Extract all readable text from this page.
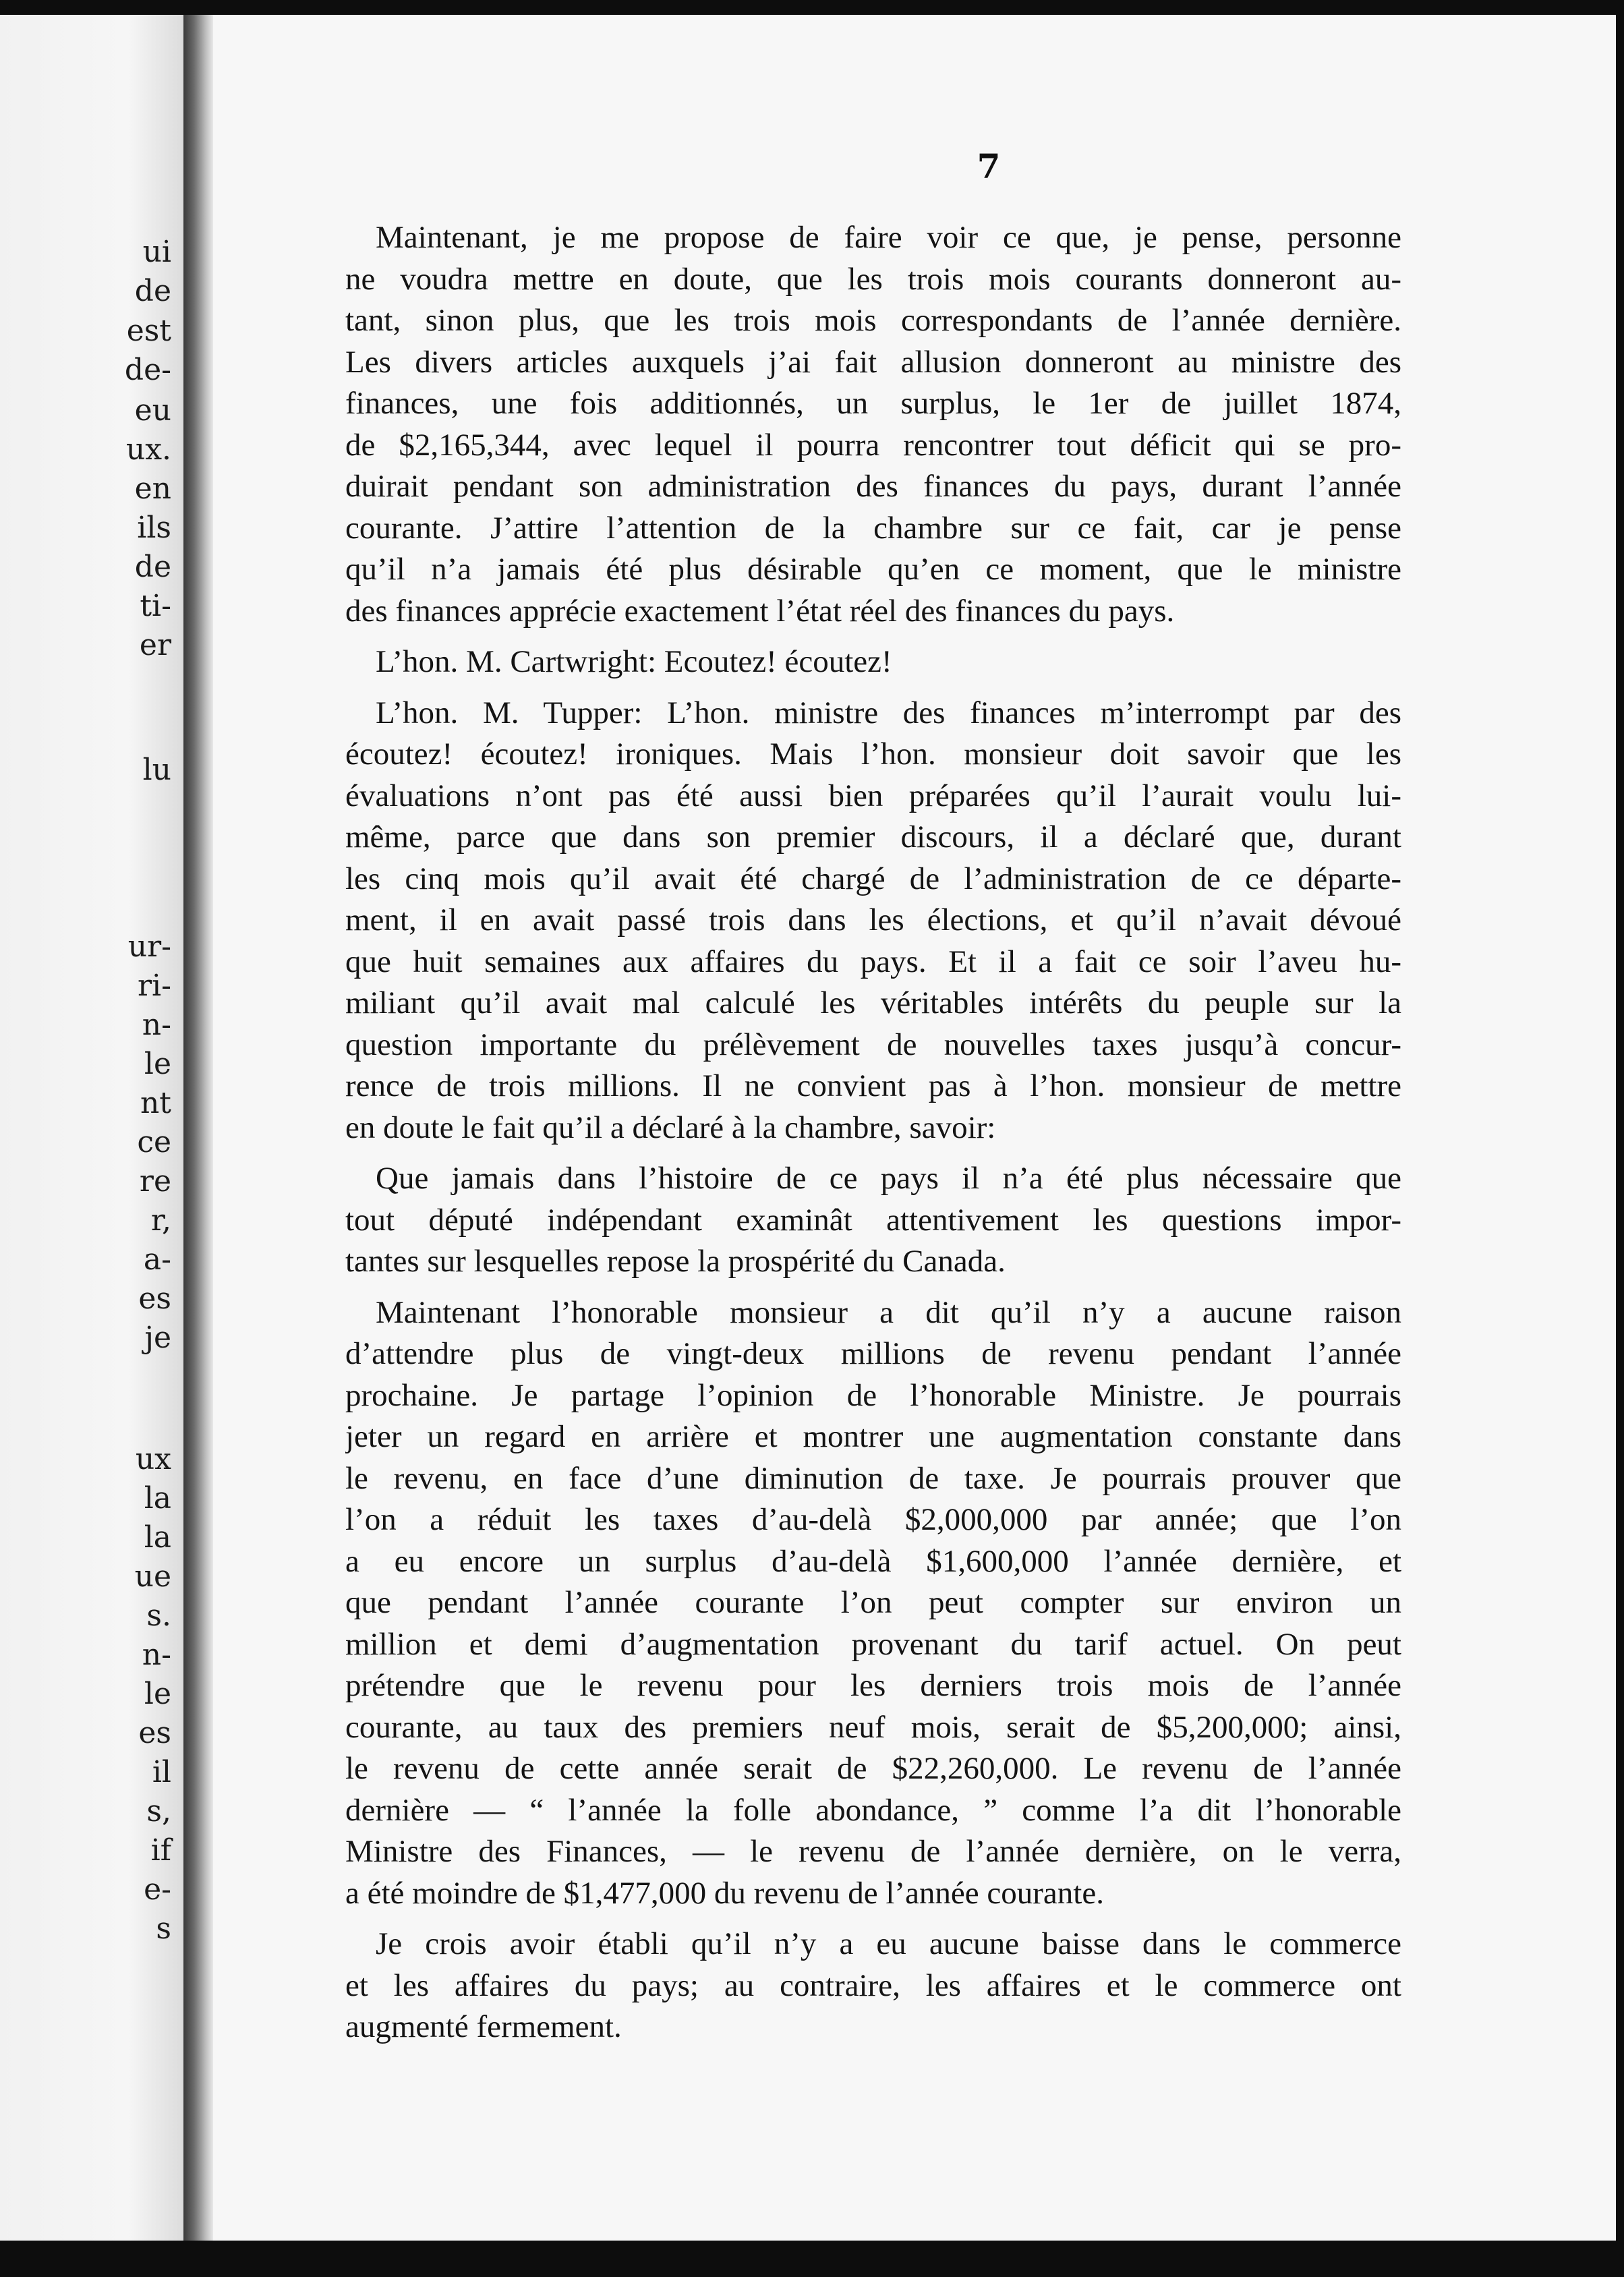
ui
de
est
de-
eu
ux.
en
ils
de
ti-
er
lu
ur-
ri-
n-
le
nt
ce
re
r,
a-
es
je
ux
la
la
ue
s.
n-
le
es
il
s,
if
e-
s
7
Maintenant, je me propose de faire voir ce que, je pense, personne
ne voudra mettre en doute, que les trois mois courants donneront au-
tant, sinon plus, que les trois mois correspondants de l’année dernière.
Les divers articles auxquels j’ai fait allusion donneront au ministre des
finances, une fois additionnés, un surplus, le 1er de juillet 1874,
de $2,165,344, avec lequel il pourra rencontrer tout déficit qui se pro-
duirait pendant son administration des finances du pays, durant l’année
courante. J’attire l’attention de la chambre sur ce fait, car je pense
qu’il n’a jamais été plus désirable qu’en ce moment, que le ministre
des finances apprécie exactement l’état réel des finances du pays.
L’hon. M. Cartwright: Ecoutez! écoutez!
L’hon. M. Tupper: L’hon. ministre des finances m’interrompt par des
écoutez! écoutez! ironiques. Mais l’hon. monsieur doit savoir que les
évaluations n’ont pas été aussi bien préparées qu’il l’aurait voulu lui-
même, parce que dans son premier discours, il a déclaré que, durant
les cinq mois qu’il avait été chargé de l’administration de ce départe-
ment, il en avait passé trois dans les élections, et qu’il n’avait dévoué
que huit semaines aux affaires du pays. Et il a fait ce soir l’aveu hu-
miliant qu’il avait mal calculé les véritables intérêts du peuple sur la
question importante du prélèvement de nouvelles taxes jusqu’à concur-
rence de trois millions. Il ne convient pas à l’hon. monsieur de mettre
en doute le fait qu’il a déclaré à la chambre, savoir:
Que jamais dans l’histoire de ce pays il n’a été plus nécessaire que
tout député indépendant examinât attentivement les questions impor-
tantes sur lesquelles repose la prospérité du Canada.
Maintenant l’honorable monsieur a dit qu’il n’y a aucune raison
d’attendre plus de vingt-deux millions de revenu pendant l’année
prochaine. Je partage l’opinion de l’honorable Ministre. Je pourrais
jeter un regard en arrière et montrer une augmentation constante dans
le revenu, en face d’une diminution de taxe. Je pourrais prouver que
l’on a réduit les taxes d’au-delà $2,000,000 par année; que l’on
a eu encore un surplus d’au-delà $1,600,000 l’année dernière, et
que pendant l’année courante l’on peut compter sur environ un
million et demi d’augmentation provenant du tarif actuel. On peut
prétendre que le revenu pour les derniers trois mois de l’année
courante, au taux des premiers neuf mois, serait de $5,200,000; ainsi,
le revenu de cette année serait de $22,260,000. Le revenu de l’année
dernière — “ l’année la folle abondance, ” comme l’a dit l’honorable
Ministre des Finances, — le revenu de l’année dernière, on le verra,
a été moindre de $1,477,000 du revenu de l’année courante.
Je crois avoir établi qu’il n’y a eu aucune baisse dans le commerce
et les affaires du pays; au contraire, les affaires et le commerce ont
augmenté fermement.
